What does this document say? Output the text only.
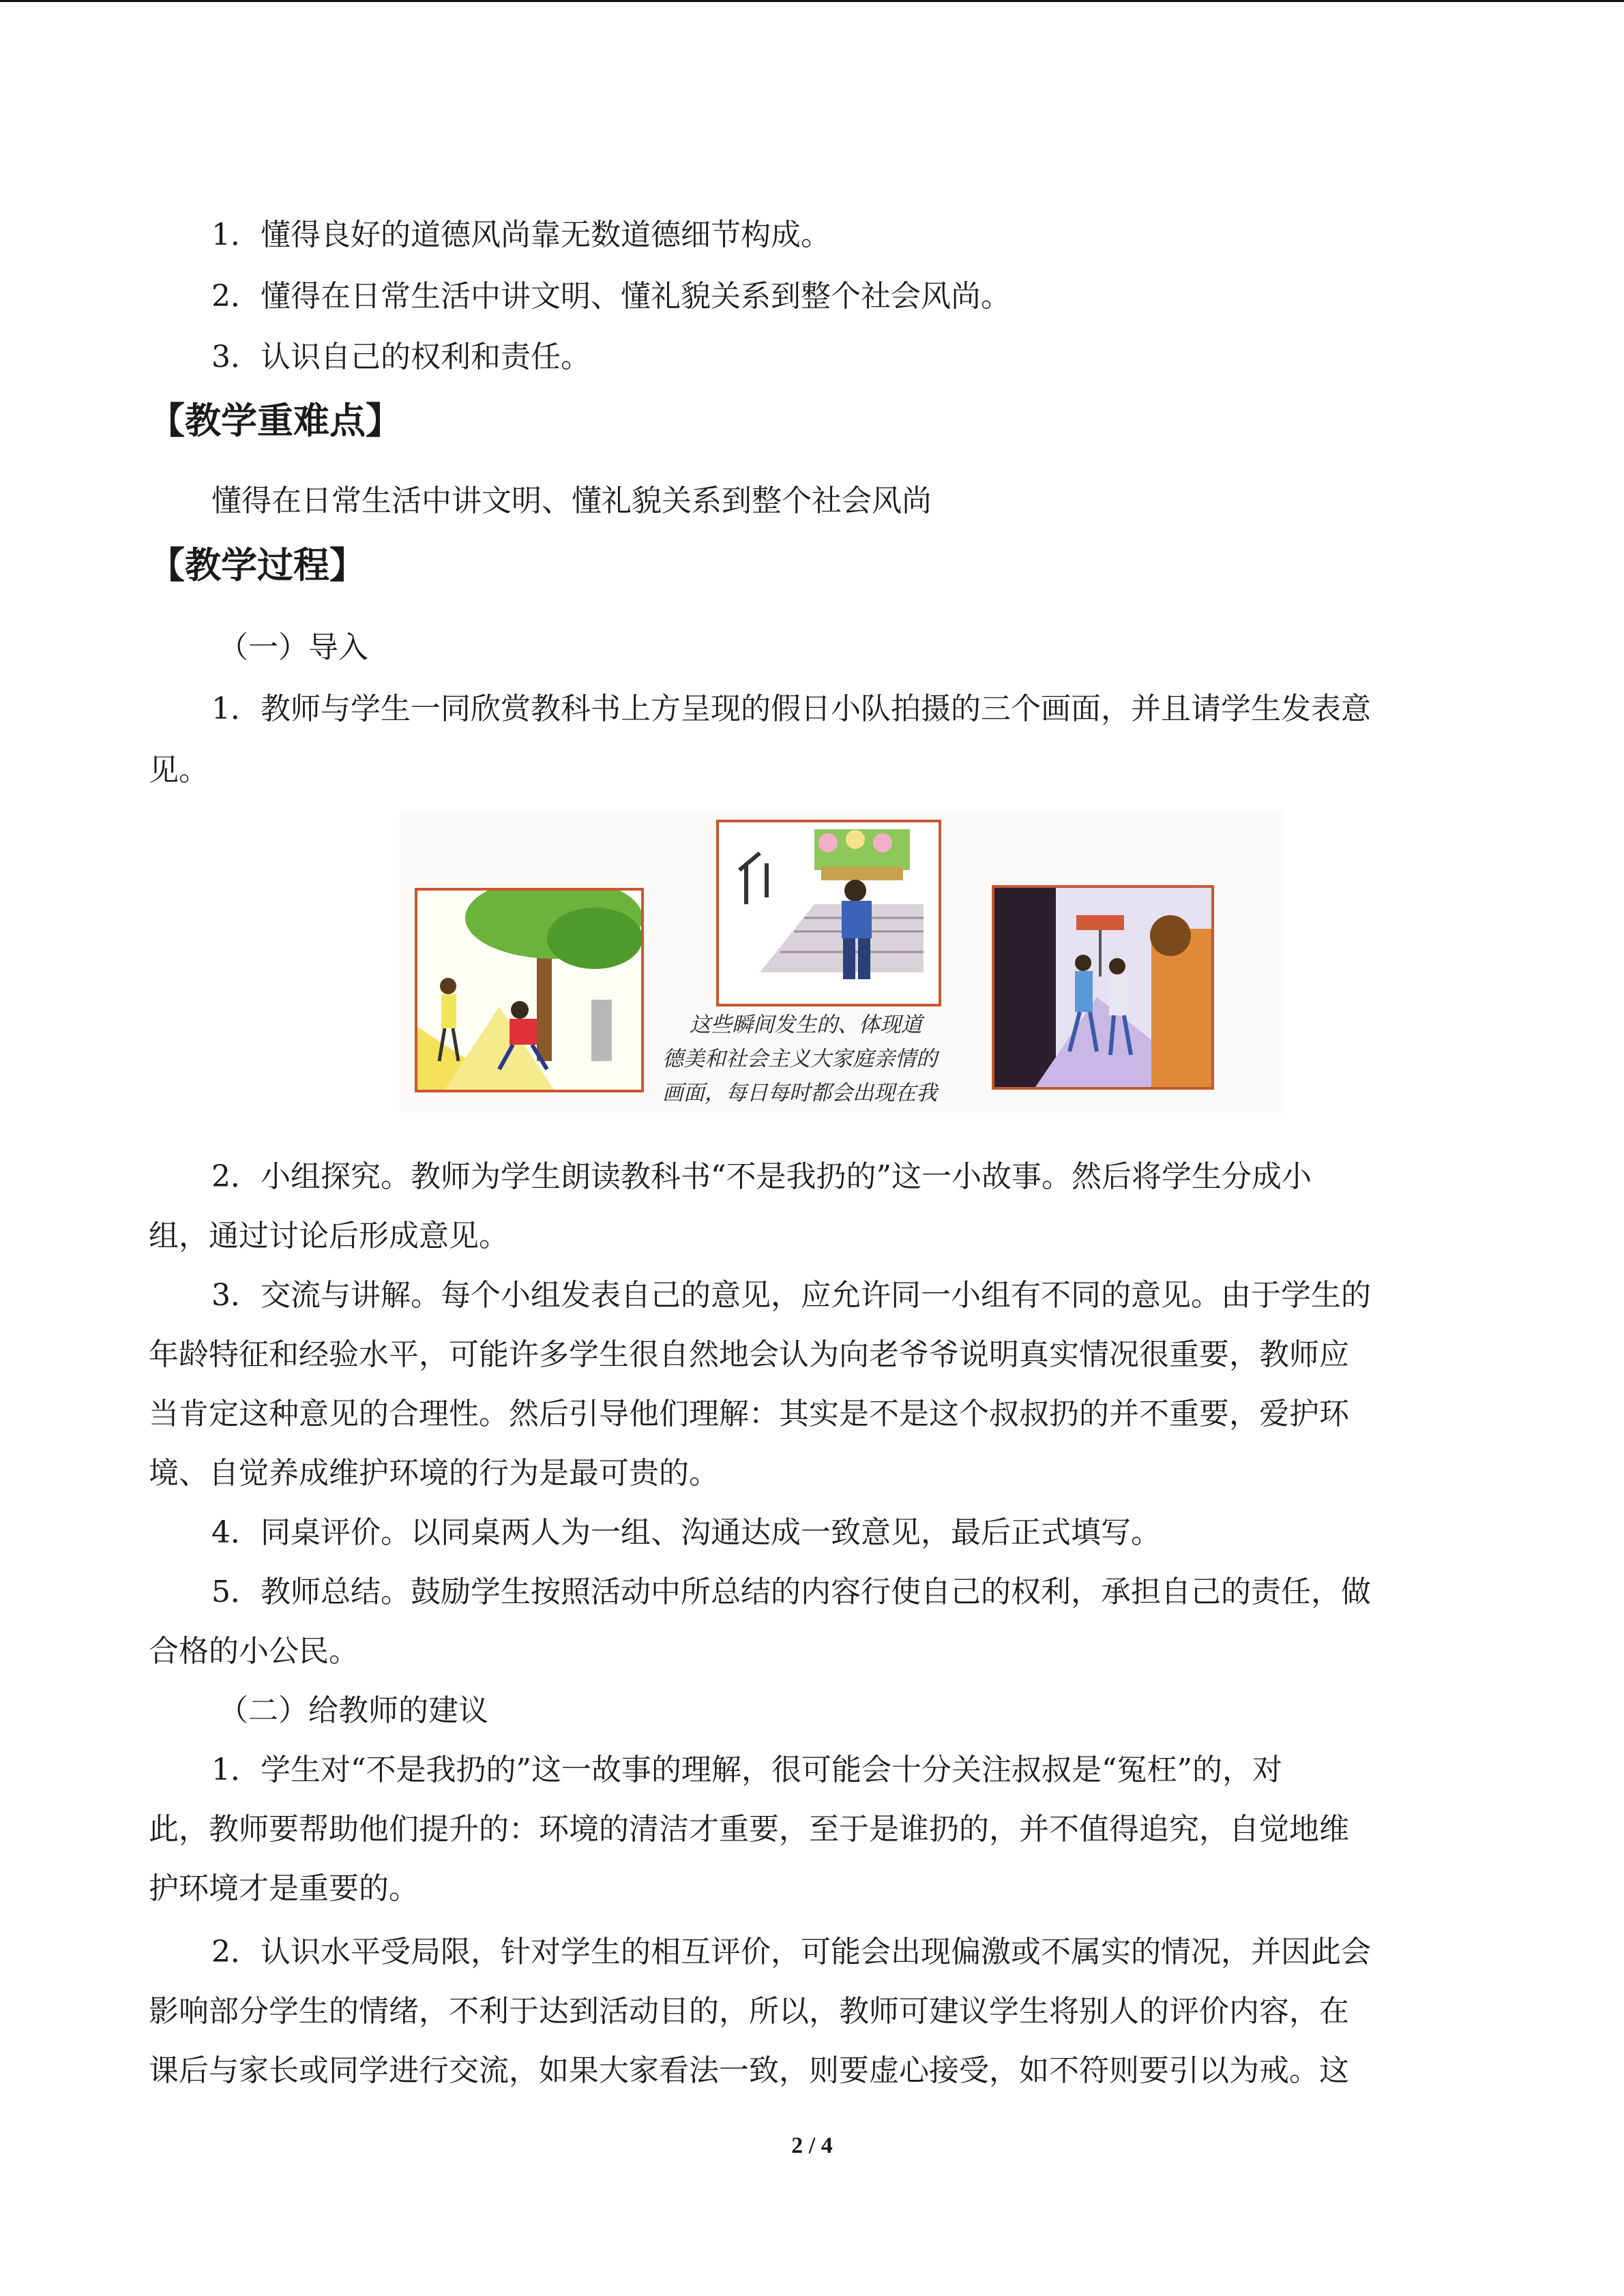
1．懂得良好的道德风尚靠无数道德细节构成。

2．懂得在日常生活中讲文明、懂礼貌关系到整个社会风尚。

3．认识自己的权利和责任。

【教学重难点】

懂得在日常生活中讲文明、懂礼貌关系到整个社会风尚

【教学过程】

（一）导入

1．教师与学生一同欣赏教科书上方呈现的假日小队拍摄的三个画面，并且请学生发表意

见。

这些瞬间发生的、体现道
德美和社会主义大家庭亲情的
画面，每日每时都会出现在我

2．小组探究。教师为学生朗读教科书“不是我扔的”这一小故事。然后将学生分成小

组，通过讨论后形成意见。

3．交流与讲解。每个小组发表自己的意见，应允许同一小组有不同的意见。由于学生的

年龄特征和经验水平，可能许多学生很自然地会认为向老爷爷说明真实情况很重要，教师应

当肯定这种意见的合理性。然后引导他们理解：其实是不是这个叔叔扔的并不重要，爱护环

境、自觉养成维护环境的行为是最可贵的。

4．同桌评价。以同桌两人为一组、沟通达成一致意见，最后正式填写。

5．教师总结。鼓励学生按照活动中所总结的内容行使自己的权利，承担自己的责任，做

合格的小公民。

（二）给教师的建议

1．学生对“不是我扔的”这一故事的理解，很可能会十分关注叔叔是“冤枉”的，对

此，教师要帮助他们提升的：环境的清洁才重要，至于是谁扔的，并不值得追究，自觉地维

护环境才是重要的。

2．认识水平受局限，针对学生的相互评价，可能会出现偏激或不属实的情况，并因此会

影响部分学生的情绪，不利于达到活动目的，所以，教师可建议学生将别人的评价内容，在

课后与家长或同学进行交流，如果大家看法一致，则要虚心接受，如不符则要引以为戒。这

2 / 4
